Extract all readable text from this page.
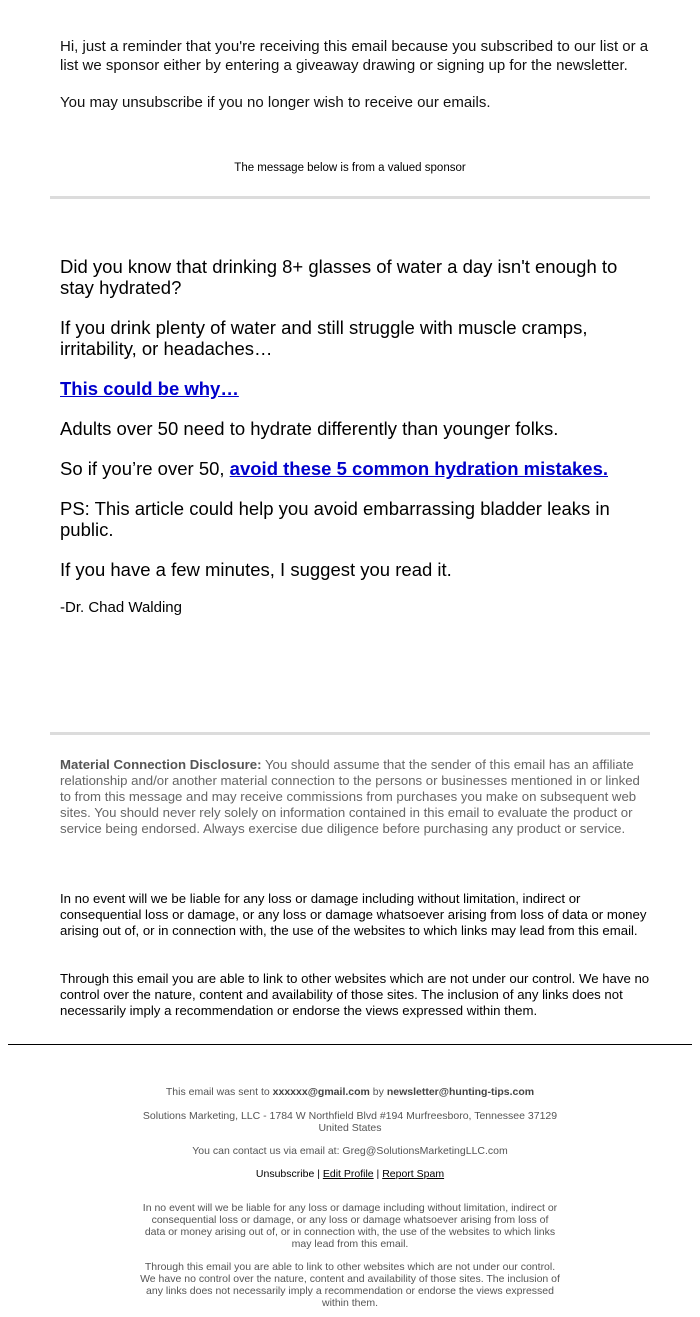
Hi, just a reminder that you're receiving this email because you subscribed to our list or a list we sponsor either by entering a giveaway drawing or signing up for the newsletter.

You may unsubscribe if you no longer wish to receive our emails.

The message below is from a valued sponsor

Did you know that drinking 8+ glasses of water a day isn't enough to stay hydrated?

If you drink plenty of water and still struggle with muscle cramps, irritability, or headaches…

This could be why…

Adults over 50 need to hydrate differently than younger folks.

So if you’re over 50, avoid these 5 common hydration mistakes.

PS: This article could help you avoid embarrassing bladder leaks in public.

If you have a few minutes, I suggest you read it.

-Dr. Chad Walding

Material Connection Disclosure: You should assume that the sender of this email has an affiliate relationship and/or another material connection to the persons or businesses mentioned in or linked to from this message and may receive commissions from purchases you make on subsequent web sites. You should never rely solely on information contained in this email to evaluate the product or service being endorsed. Always exercise due diligence before purchasing any product or service.

In no event will we be liable for any loss or damage including without limitation, indirect or consequential loss or damage, or any loss or damage whatsoever arising from loss of data or money arising out of, or in connection with, the use of the websites to which links may lead from this email.

Through this email you are able to link to other websites which are not under our control. We have no control over the nature, content and availability of those sites. The inclusion of any links does not necessarily imply a recommendation or endorse the views expressed within them.

This email was sent to xxxxxx@gmail.com by newsletter@hunting-tips.com

Solutions Marketing, LLC - 1784 W Northfield Blvd #194 Murfreesboro, Tennessee 37129 United States

You can contact us via email at: Greg@SolutionsMarketingLLC.com

Unsubscribe | Edit Profile | Report Spam

In no event will we be liable for any loss or damage including without limitation, indirect or consequential loss or damage, or any loss or damage whatsoever arising from loss of data or money arising out of, or in connection with, the use of the websites to which links may lead from this email.

Through this email you are able to link to other websites which are not under our control. We have no control over the nature, content and availability of those sites. The inclusion of any links does not necessarily imply a recommendation or endorse the views expressed within them.
